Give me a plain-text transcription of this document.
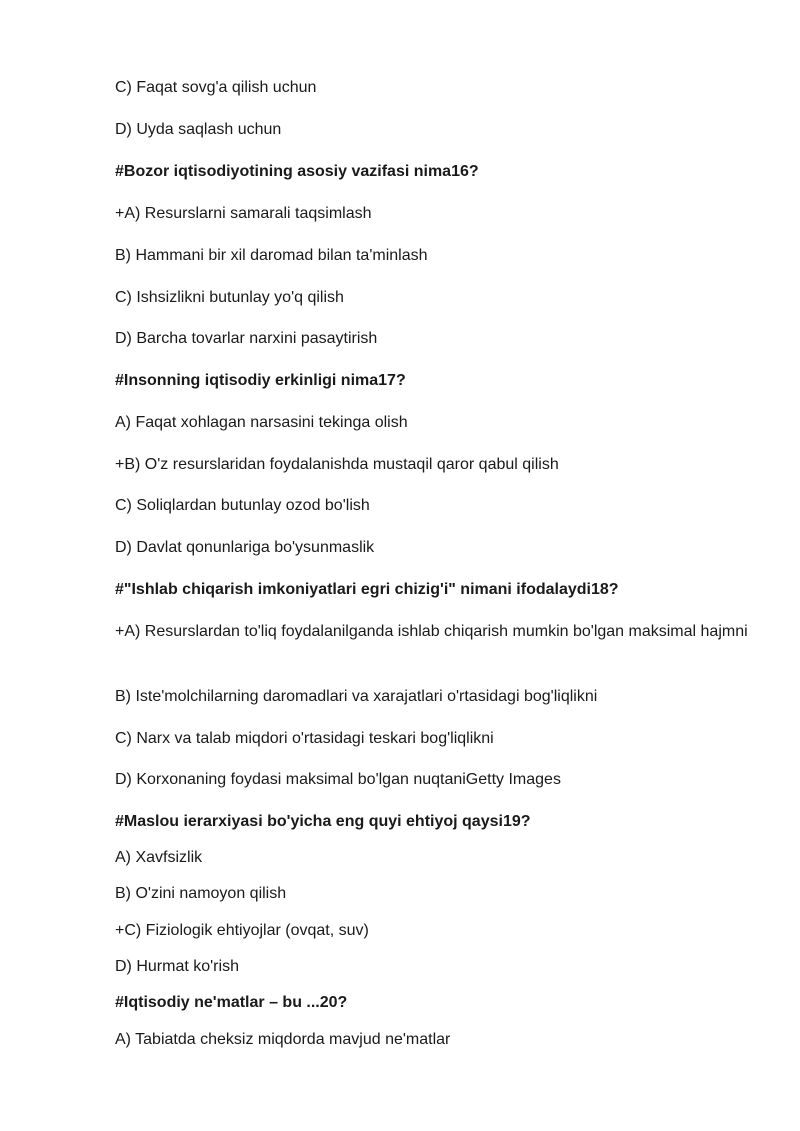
C) Faqat sovg'a qilish uchun
D) Uyda saqlash uchun
#Bozor iqtisodiyotining asosiy vazifasi nima16?
+A) Resurslarni samarali taqsimlash
B) Hammani bir xil daromad bilan ta'minlash
C) Ishsizlikni butunlay yo'q qilish
D) Barcha tovarlar narxini pasaytirish
#Insonning iqtisodiy erkinligi nima17?
A) Faqat xohlagan narsasini tekinga olish
+B) O'z resurslaridan foydalanishda mustaqil qaror qabul qilish
C) Soliqlardan butunlay ozod bo'lish
D) Davlat qonunlariga bo'ysunmaslik
#"Ishlab chiqarish imkoniyatlari egri chizig'i" nimani ifodalaydi18?
+A) Resurslardan to'liq foydalanilganda ishlab chiqarish mumkin bo'lgan maksimal hajmni
B) Iste'molchilarning daromadlari va xarajatlari o'rtasidagi bog'liqlikni
C) Narx va talab miqdori o'rtasidagi teskari bog'liqlikni
D) Korxonaning foydasi maksimal bo'lgan nuqtaniGetty Images
#Maslou ierarxiyasi bo'yicha eng quyi ehtiyoj qaysi19?
A) Xavfsizlik
B) O'zini namoyon qilish
+C) Fiziologik ehtiyojlar (ovqat, suv)
D) Hurmat ko'rish
#Iqtisodiy ne'matlar – bu ...20?
A) Tabiatda cheksiz miqdorda mavjud ne'matlar
